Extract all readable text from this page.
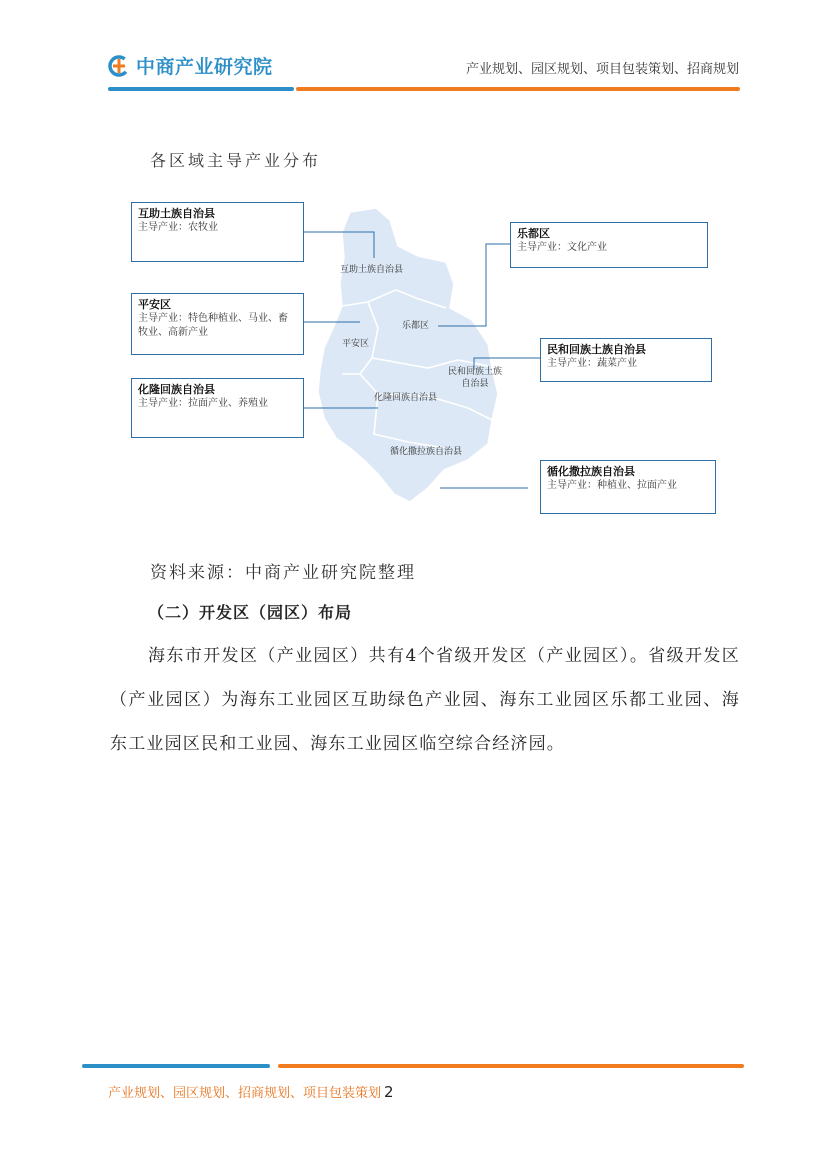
中商产业研究院	产业规划、园区规划、项目包装策划、招商规划
各区域主导产业分布
互助土族自治县
乐都区
平安区
民和回族土族
自治县
化隆回族自治县
循化撒拉族自治县
互助土族自治县
主导产业：农牧业
平安区
主导产业：特色种植业、马业、畜牧业、高新产业
化隆回族自治县
主导产业：拉面产业、养殖业
乐都区
主导产业：文化产业
民和回族土族自治县
主导产业：蔬菜产业
循化撒拉族自治县
主导产业：种植业、拉面产业
资料来源：中商产业研究院整理
（二）开发区（园区）布局
海东市开发区（产业园区）共有4个省级开发区（产业园区）。省级开发区（产业园区）为海东工业园区互助绿色产业园、海东工业园区乐都工业园、海东工业园区民和工业园、海东工业园区临空综合经济园。
产业规划、园区规划、招商规划、项目包装策划 2
